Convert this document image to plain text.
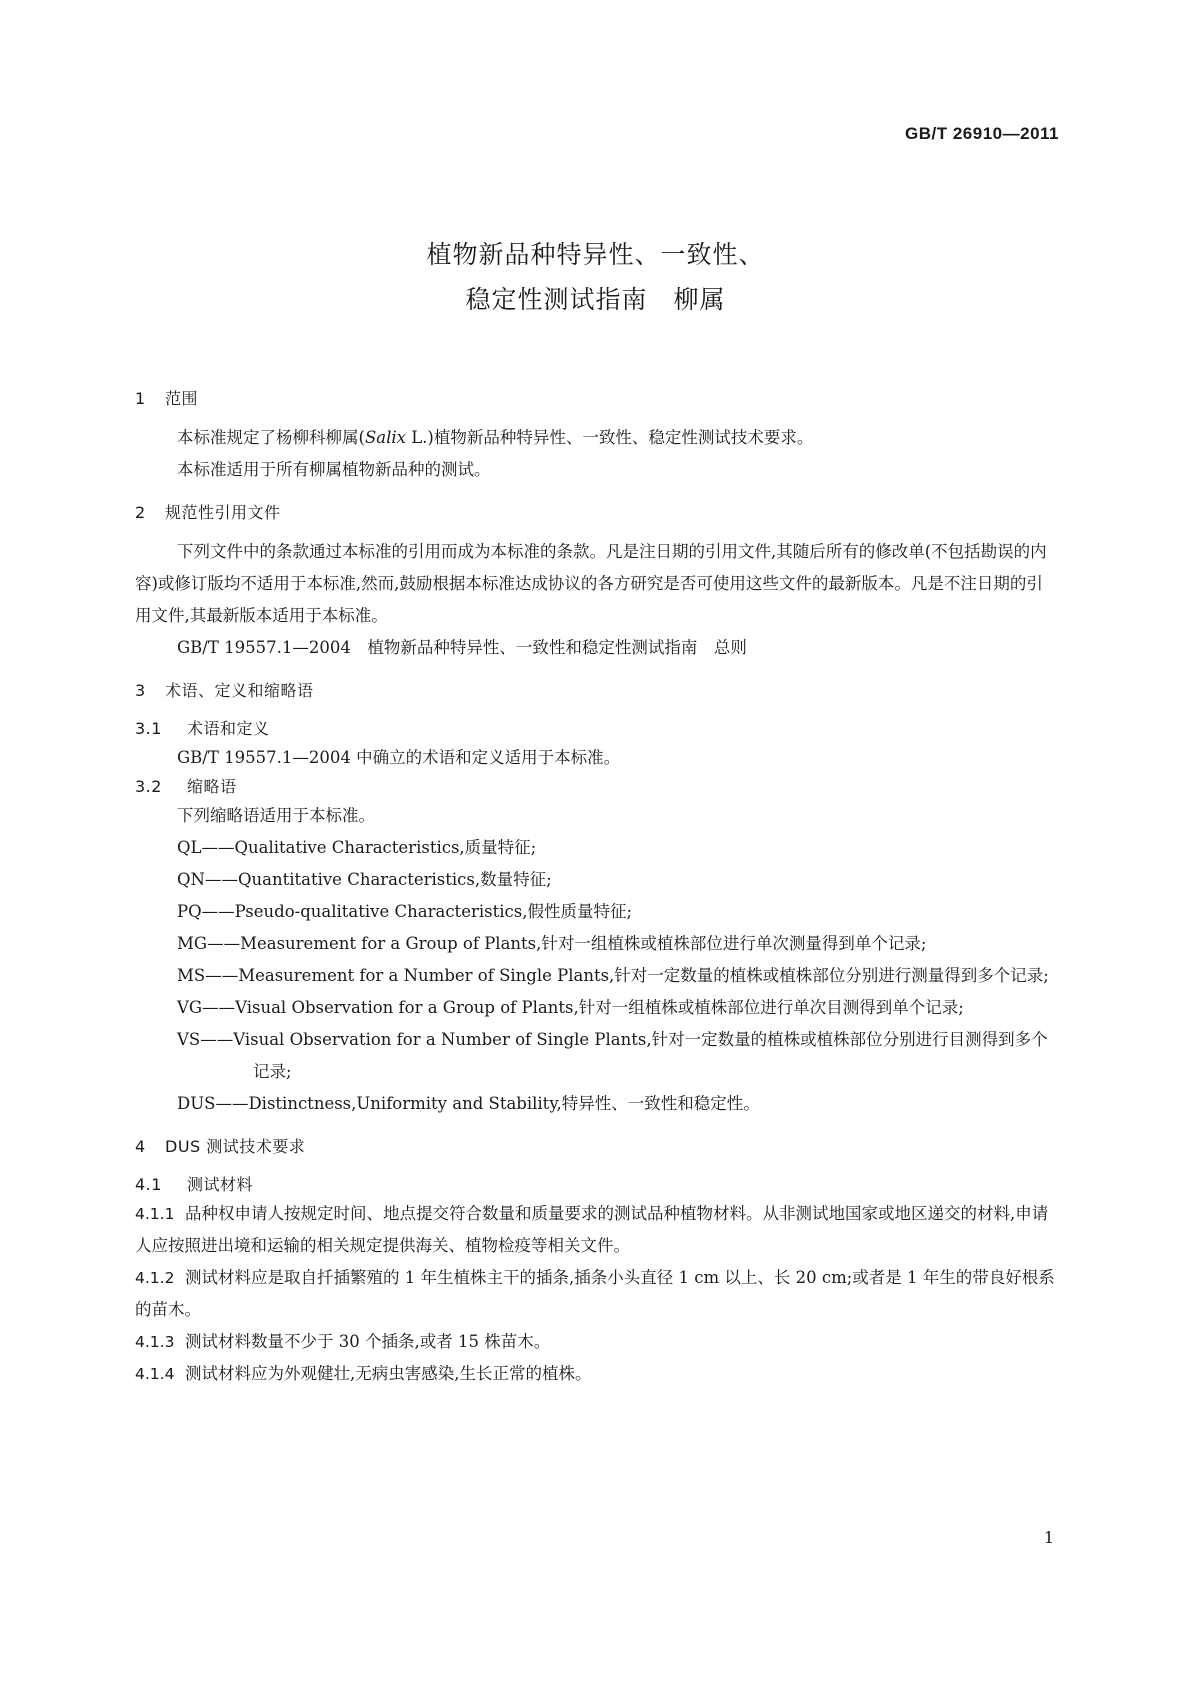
GB/T 26910—2011
植物新品种特异性、一致性、
稳定性测试指南　柳属
1 范围
本标准规定了杨柳科柳属(Salix L.)植物新品种特异性、一致性、稳定性测试技术要求。
本标准适用于所有柳属植物新品种的测试。
2 规范性引用文件
下列文件中的条款通过本标准的引用而成为本标准的条款。凡是注日期的引用文件,其随后所有的修改单(不包括勘误的内容)或修订版均不适用于本标准,然而,鼓励根据本标准达成协议的各方研究是否可使用这些文件的最新版本。凡是不注日期的引用文件,其最新版本适用于本标准。
GB/T 19557.1—2004　植物新品种特异性、一致性和稳定性测试指南　总则
3 术语、定义和缩略语
3.1 术语和定义
GB/T 19557.1—2004 中确立的术语和定义适用于本标准。
3.2 缩略语
下列缩略语适用于本标准。
QL——Qualitative Characteristics,质量特征;
QN——Quantitative Characteristics,数量特征;
PQ——Pseudo-qualitative Characteristics,假性质量特征;
MG——Measurement for a Group of Plants,针对一组植株或植株部位进行单次测量得到单个记录;
MS——Measurement for a Number of Single Plants,针对一定数量的植株或植株部位分别进行测量得到多个记录;
VG——Visual Observation for a Group of Plants,针对一组植株或植株部位进行单次目测得到单个记录;
VS——Visual Observation for a Number of Single Plants,针对一定数量的植株或植株部位分别进行目测得到多个记录;
DUS——Distinctness,Uniformity and Stability,特异性、一致性和稳定性。
4 DUS 测试技术要求
4.1 测试材料
4.1.1 品种权申请人按规定时间、地点提交符合数量和质量要求的测试品种植物材料。从非测试地国家或地区递交的材料,申请人应按照进出境和运输的相关规定提供海关、植物检疫等相关文件。
4.1.2 测试材料应是取自扦插繁殖的 1 年生植株主干的插条,插条小头直径 1 cm 以上、长 20 cm;或者是 1 年生的带良好根系的苗木。
4.1.3 测试材料数量不少于 30 个插条,或者 15 株苗木。
4.1.4 测试材料应为外观健壮,无病虫害感染,生长正常的植株。
1
